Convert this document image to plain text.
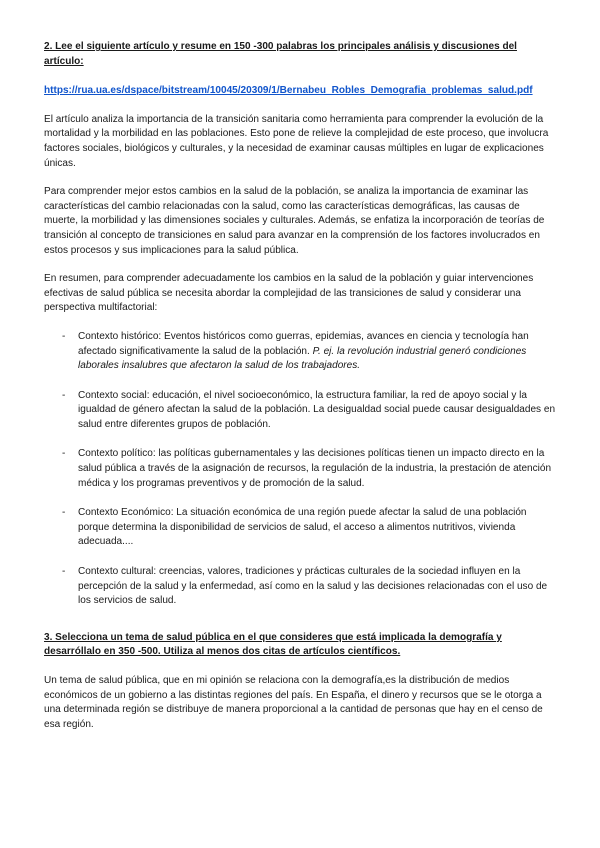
2. Lee el siguiente artículo y resume en 150 -300 palabras los principales análisis y discusiones del artículo:

https://rua.ua.es/dspace/bitstream/10045/20309/1/Bernabeu_Robles_Demografia_problemas_salud.pdf

El artículo analiza la importancia de la transición sanitaria como herramienta para comprender la evolución de la mortalidad y la morbilidad en las poblaciones. Esto pone de relieve la complejidad de este proceso, que involucra factores sociales, biológicos y culturales, y la necesidad de examinar causas múltiples en lugar de explicaciones únicas.

Para comprender mejor estos cambios en la salud de la población, se analiza la importancia de examinar las características del cambio relacionadas con la salud, como las características demográficas, las causas de muerte, la morbilidad y las dimensiones sociales y culturales. Además, se enfatiza la incorporación de teorías de transición al concepto de transiciones en salud para avanzar en la comprensión de los factores involucrados en estos procesos y sus implicaciones para la salud pública.

En resumen, para comprender adecuadamente los cambios en la salud de la población y guiar intervenciones efectivas de salud pública se necesita abordar la complejidad de las transiciones de salud y considerar una perspectiva multifactorial:

- Contexto histórico: Eventos históricos como guerras, epidemias, avances en ciencia y tecnología han afectado significativamente la salud de la población. P. ej. la revolución industrial generó condiciones laborales insalubres que afectaron la salud de los trabajadores.
- Contexto social: educación, el nivel socioeconómico, la estructura familiar, la red de apoyo social y la igualdad de género afectan la salud de la población. La desigualdad social puede causar desigualdades en salud entre diferentes grupos de población.
- Contexto político: las políticas gubernamentales y las decisiones políticas tienen un impacto directo en la salud pública a través de la asignación de recursos, la regulación de la industria, la prestación de atención médica y los programas preventivos y de promoción de la salud.
- Contexto Económico: La situación económica de una región puede afectar la salud de una población porque determina la disponibilidad de servicios de salud, el acceso a alimentos nutritivos, vivienda adecuada....
- Contexto cultural: creencias, valores, tradiciones y prácticas culturales de la sociedad influyen en la percepción de la salud y la enfermedad, así como en la salud y las decisiones relacionadas con el uso de los servicios de salud.

3. Selecciona un tema de salud pública en el que consideres que está implicada la demografía y desarróllalo en 350 -500. Utiliza al menos dos citas de artículos científicos.

Un tema de salud pública, que en mi opinión se relaciona con la demografía,es la distribución de medios económicos de un gobierno a las distintas regiones del país. En España, el dinero y recursos que se le otorga a una determinada región se distribuye de manera proporcional a la cantidad de personas que hay en el censo de esa región.
